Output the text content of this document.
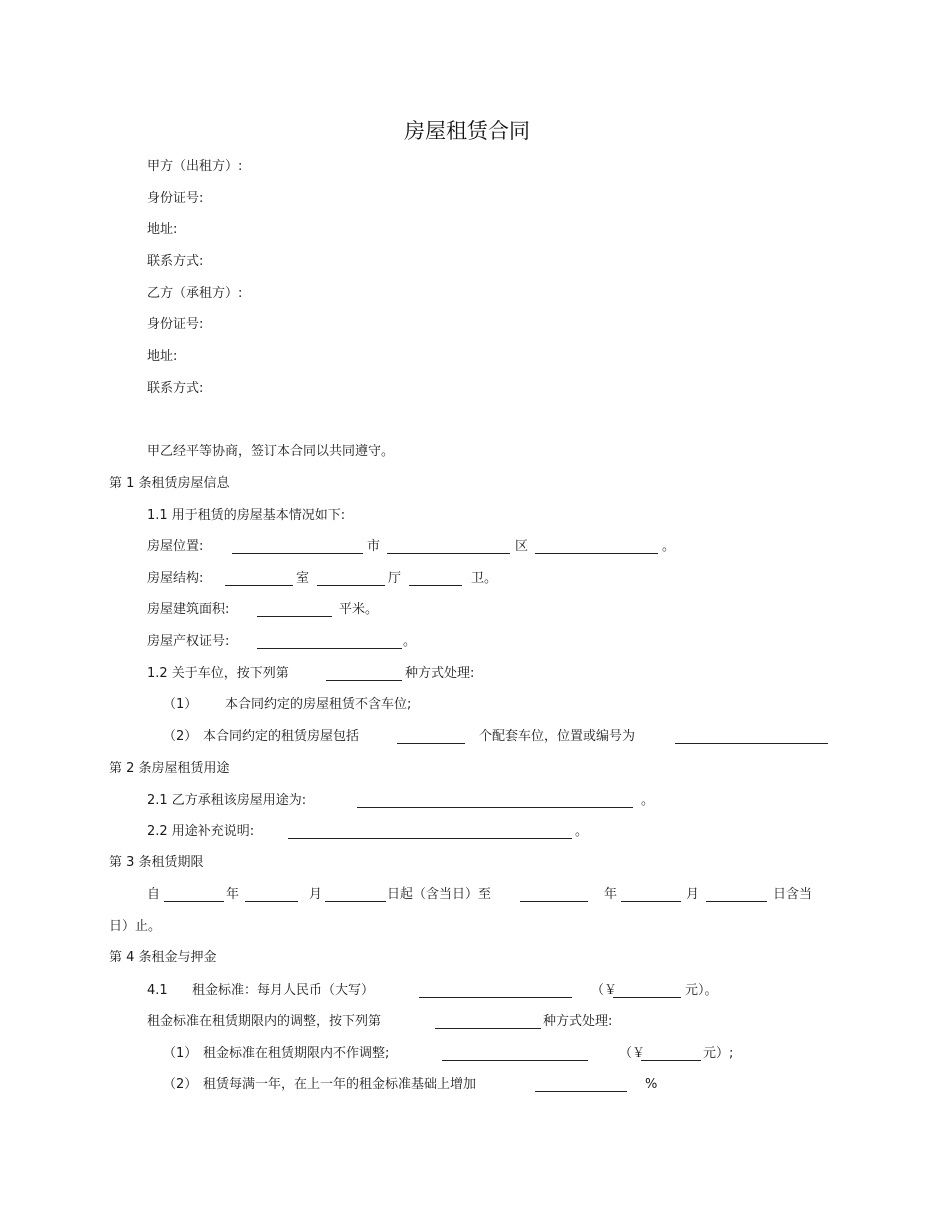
房屋租赁合同
甲方（出租方）:
身份证号:
地址:
联系方式:
乙方（承租方）:
身份证号:
地址:
联系方式:
甲乙经平等协商，签订本合同以共同遵守。
第 1 条租赁房屋信息
1.1 用于租赁的房屋基本情况如下:
房屋位置:	市	区	。
房屋结构:	室	厅	卫。
房屋建筑面积:	平米。
房屋产权证号:	。
1.2 关于车位，按下列第	种方式处理:
（1） 本合同约定的房屋租赁不含车位;
（2） 本合同约定的租赁房屋包括	个配套车位，位置或编号为
第 2 条房屋租赁用途
2.1 乙方承租该房屋用途为:	。
2.2 用途补充说明:	。
第 3 条租赁期限
自	年	月	日起（含当日）至	年	月	日含当
日）止。
第 4 条租金与押金
4.1 租金标准：每月人民币（大写）	（￥	元）。
租金标准在租赁期限内的调整，按下列第	种方式处理:
（1） 租金标准在租赁期限内不作调整;	（￥	元）;
（2） 租赁每满一年，在上一年的租金标准基础上增加	%
